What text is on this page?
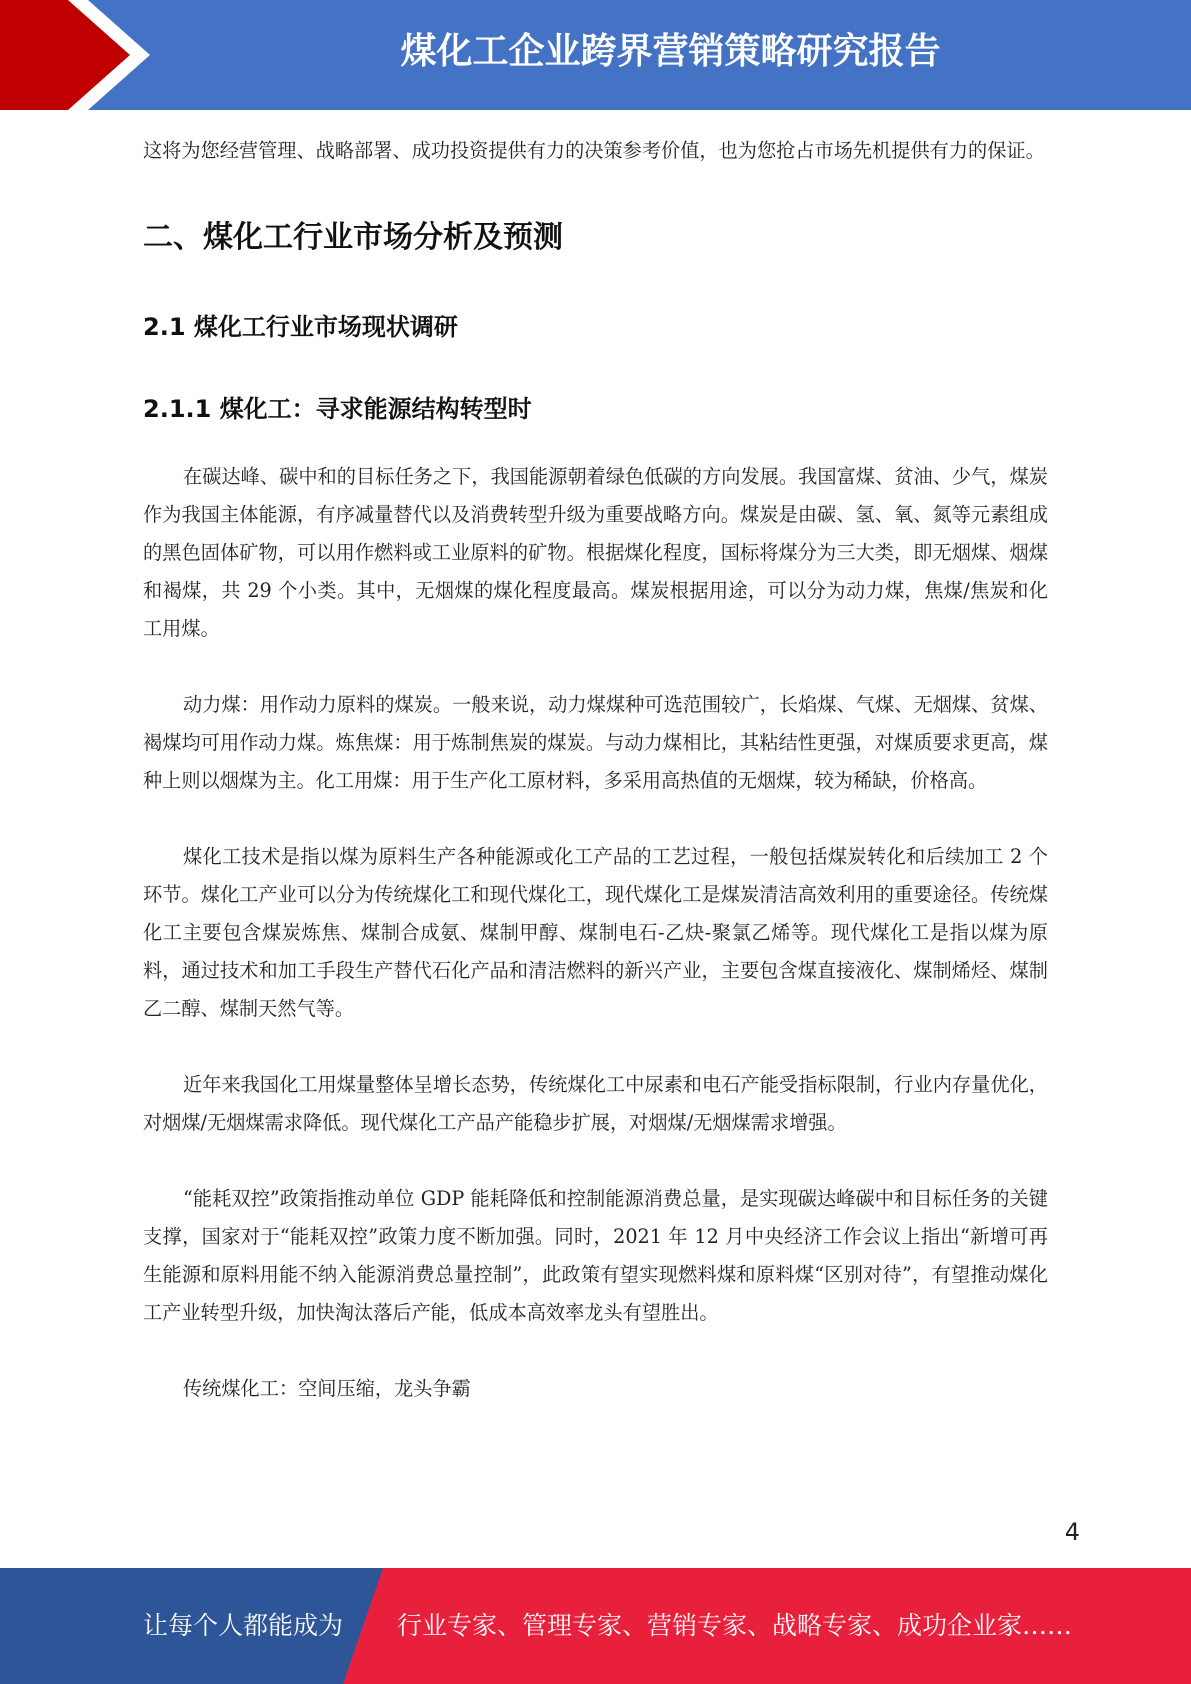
煤化工企业跨界营销策略研究报告

这将为您经营管理、战略部署、成功投资提供有力的决策参考价值，也为您抢占市场先机提供有力的保证。

二、煤化工行业市场分析及预测
2.1 煤化工行业市场现状调研
2.1.1 煤化工：寻求能源结构转型时

在碳达峰、碳中和的目标任务之下，我国能源朝着绿色低碳的方向发展。我国富煤、贫油、少气，煤炭作为我国主体能源，有序减量替代以及消费转型升级为重要战略方向。煤炭是由碳、氢、氧、氮等元素组成的黑色固体矿物，可以用作燃料或工业原料的矿物。根据煤化程度，国标将煤分为三大类，即无烟煤、烟煤和褐煤，共 29 个小类。其中，无烟煤的煤化程度最高。煤炭根据用途，可以分为动力煤，焦煤/焦炭和化工用煤。

动力煤：用作动力原料的煤炭。一般来说，动力煤煤种可选范围较广，长焰煤、气煤、无烟煤、贫煤、褐煤均可用作动力煤。炼焦煤：用于炼制焦炭的煤炭。与动力煤相比，其粘结性更强，对煤质要求更高，煤种上则以烟煤为主。化工用煤：用于生产化工原材料，多采用高热值的无烟煤，较为稀缺，价格高。

煤化工技术是指以煤为原料生产各种能源或化工产品的工艺过程，一般包括煤炭转化和后续加工 2 个环节。煤化工产业可以分为传统煤化工和现代煤化工，现代煤化工是煤炭清洁高效利用的重要途径。传统煤化工主要包含煤炭炼焦、煤制合成氨、煤制甲醇、煤制电石-乙炔-聚氯乙烯等。现代煤化工是指以煤为原料，通过技术和加工手段生产替代石化产品和清洁燃料的新兴产业，主要包含煤直接液化、煤制烯烃、煤制乙二醇、煤制天然气等。

近年来我国化工用煤量整体呈增长态势，传统煤化工中尿素和电石产能受指标限制，行业内存量优化，对烟煤/无烟煤需求降低。现代煤化工产品产能稳步扩展，对烟煤/无烟煤需求增强。

“能耗双控”政策指推动单位 GDP 能耗降低和控制能源消费总量，是实现碳达峰碳中和目标任务的关键支撑，国家对于“能耗双控”政策力度不断加强。同时，2021 年 12 月中央经济工作会议上指出“新增可再生能源和原料用能不纳入能源消费总量控制”，此政策有望实现燃料煤和原料煤“区别对待”，有望推动煤化工产业转型升级，加快淘汰落后产能，低成本高效率龙头有望胜出。

传统煤化工：空间压缩，龙头争霸

4
让每个人都能成为 行业专家、管理专家、营销专家、战略专家、成功企业家……
